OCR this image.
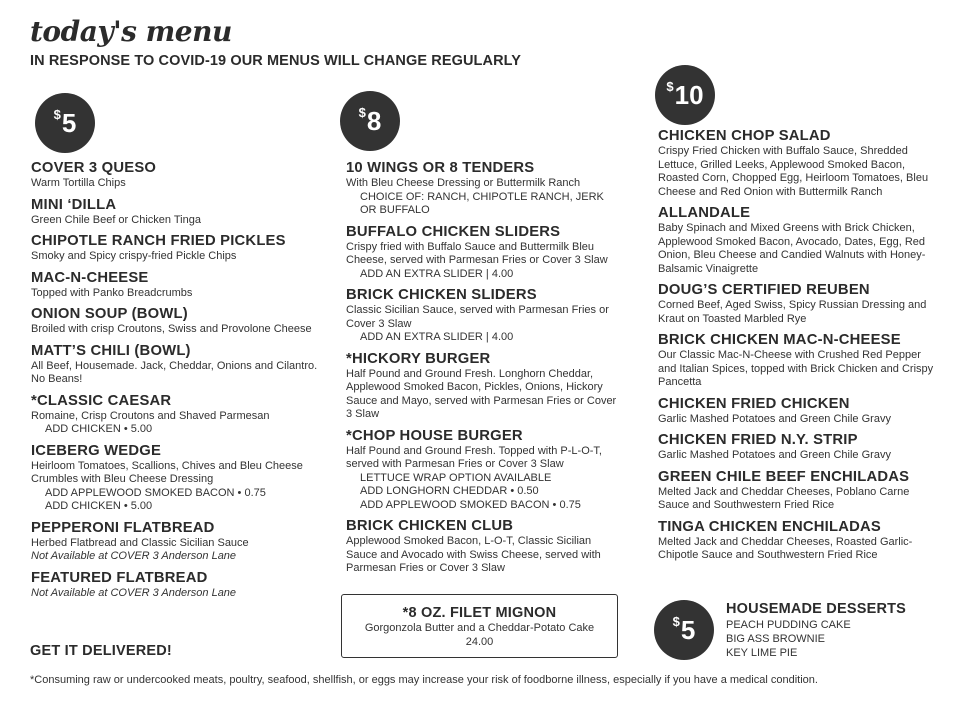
today's menu
IN RESPONSE TO COVID-19 OUR MENUS WILL CHANGE REGULARLY
$ 5	$ 8
$ 10
COVER 3 QUESO
Warm Tortilla Chips
MINI ‘DILLA
Green Chile Beef or Chicken Tinga
CHIPOTLE RANCH FRIED PICKLES
Smoky and Spicy crispy-fried Pickle Chips
MAC-N-CHEESE
Topped with Panko Breadcrumbs
ONION SOUP (BOWL)
Broiled with crisp Croutons, Swiss and Provolone Cheese
MATT’S CHILI (BOWL)
All Beef, Housemade. Jack, Cheddar, Onions and Cilantro. No Beans!
*CLASSIC CAESAR
Romaine, Crisp Croutons and Shaved Parmesan
ADD CHICKEN • 5.00
ICEBERG WEDGE
Heirloom Tomatoes, Scallions, Chives and Bleu Cheese Crumbles with Bleu Cheese Dressing
ADD APPLEWOOD SMOKED BACON • 0.75
ADD CHICKEN • 5.00
PEPPERONI FLATBREAD
Herbed Flatbread and Classic Sicilian Sauce
Not Available at COVER 3 Anderson Lane
FEATURED FLATBREAD
Not Available at COVER 3 Anderson Lane
10 WINGS OR 8 TENDERS
With Bleu Cheese Dressing or Buttermilk Ranch
CHOICE OF: RANCH, CHIPOTLE RANCH, JERK OR BUFFALO
BUFFALO CHICKEN SLIDERS
Crispy fried with Buffalo Sauce and Buttermilk Bleu Cheese, served with Parmesan Fries or Cover 3 Slaw
ADD AN EXTRA SLIDER | 4.00
BRICK CHICKEN SLIDERS
Classic Sicilian Sauce, served with Parmesan Fries or Cover 3 Slaw
ADD AN EXTRA SLIDER | 4.00
*HICKORY BURGER
Half Pound and Ground Fresh. Longhorn Cheddar, Applewood Smoked Bacon, Pickles, Onions, Hickory Sauce and Mayo, served with Parmesan Fries or Cover 3 Slaw
*CHOP HOUSE BURGER
Half Pound and Ground Fresh. Topped with P-L-O-T, served with Parmesan Fries or Cover 3 Slaw
LETTUCE WRAP OPTION AVAILABLE
ADD LONGHORN CHEDDAR • 0.50
ADD APPLEWOOD SMOKED BACON • 0.75
BRICK CHICKEN CLUB
Applewood Smoked Bacon, L-O-T, Classic Sicilian Sauce and Avocado with Swiss Cheese, served with Parmesan Fries or Cover 3 Slaw
CHICKEN CHOP SALAD
Crispy Fried Chicken with Buffalo Sauce, Shredded Lettuce, Grilled Leeks, Applewood Smoked Bacon, Roasted Corn, Chopped Egg, Heirloom Tomatoes, Bleu Cheese and Red Onion with Buttermilk Ranch
ALLANDALE
Baby Spinach and Mixed Greens with Brick Chicken, Applewood Smoked Bacon, Avocado, Dates, Egg, Red Onion, Bleu Cheese and Candied Walnuts with Honey-Balsamic Vinaigrette
DOUG’S CERTIFIED REUBEN
Corned Beef, Aged Swiss, Spicy Russian Dressing and Kraut on Toasted Marbled Rye
BRICK CHICKEN MAC-N-CHEESE
Our Classic Mac-N-Cheese with Crushed Red Pepper and Italian Spices, topped with Brick Chicken and Crispy Pancetta
CHICKEN FRIED CHICKEN
Garlic Mashed Potatoes and Green Chile Gravy
CHICKEN FRIED N.Y. STRIP
Garlic Mashed Potatoes and Green Chile Gravy
GREEN CHILE BEEF ENCHILADAS
Melted Jack and Cheddar Cheeses, Poblano Carne Sauce and Southwestern Fried Rice
TINGA CHICKEN ENCHILADAS
Melted Jack and Cheddar Cheeses, Roasted Garlic-Chipotle Sauce and Southwestern Fried Rice
*8 OZ. FILET MIGNON
Gorgonzola Butter and a Cheddar-Potato Cake
24.00
$ 5
HOUSEMADE DESSERTS
PEACH PUDDING CAKE
BIG ASS BROWNIE
KEY LIME PIE
GET IT DELIVERED!
*Consuming raw or undercooked meats, poultry, seafood, shellfish, or eggs may increase your risk of foodborne illness, especially if you have a medical condition.
